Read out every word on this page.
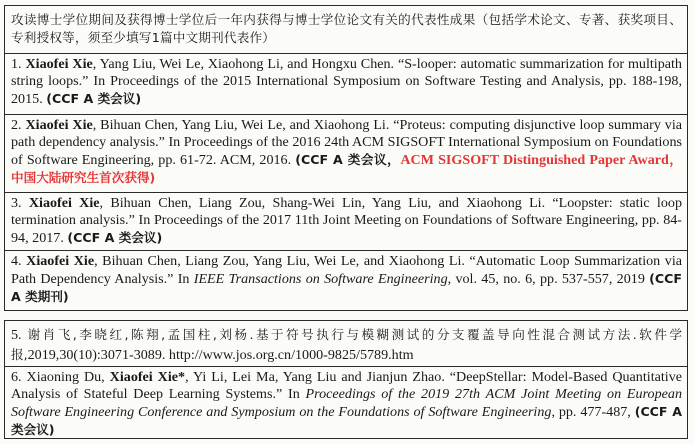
攻读博士学位期间及获得博士学位后一年内获得与博士学位论文有关的代表性成果（包括学术论文、专著、获奖项目、专利授权等，须至少填写1篇中文期刊代表作）
1. Xiaofei Xie, Yang Liu, Wei Le, Xiaohong Li, and Hongxu Chen. “S-looper: automatic summarization for multipath string loops.” In Proceedings of the 2015 International Symposium on Software Testing and Analysis, pp. 188-198, 2015. (CCF A 类会议)
2. Xiaofei Xie, Bihuan Chen, Yang Liu, Wei Le, and Xiaohong Li. “Proteus: computing disjunctive loop summary via path dependency analysis.” In Proceedings of the 2016 24th ACM SIGSOFT International Symposium on Foundations of Software Engineering, pp. 61-72. ACM, 2016. (CCF A 类会议，ACM SIGSOFT Distinguished Paper Award，中国大陆研究生首次获得)
3. Xiaofei Xie, Bihuan Chen, Liang Zou, Shang-Wei Lin, Yang Liu, and Xiaohong Li. “Loopster: static loop termination analysis.” In Proceedings of the 2017 11th Joint Meeting on Foundations of Software Engineering, pp. 84-94, 2017. (CCF A 类会议)
4. Xiaofei Xie, Bihuan Chen, Liang Zou, Yang Liu, Wei Le, and Xiaohong Li. “Automatic Loop Summarization via Path Dependency Analysis.” In IEEE Transactions on Software Engineering, vol. 45, no. 6, pp. 537-557, 2019 (CCF A 类期刊)
5. 谢肖飞,李晓红,陈翔,孟国柱,刘杨.基于符号执行与模糊测试的分支覆盖导向性混合测试方法.软件学报,2019,30(10):3071-3089. http://www.jos.org.cn/1000-9825/5789.htm
6. Xiaoning Du, Xiaofei Xie*, Yi Li, Lei Ma, Yang Liu and Jianjun Zhao. “DeepStellar: Model-Based Quantitative Analysis of Stateful Deep Learning Systems.” In Proceedings of the 2019 27th ACM Joint Meeting on European Software Engineering Conference and Symposium on the Foundations of Software Engineering, pp. 477-487, (CCF A 类会议)
